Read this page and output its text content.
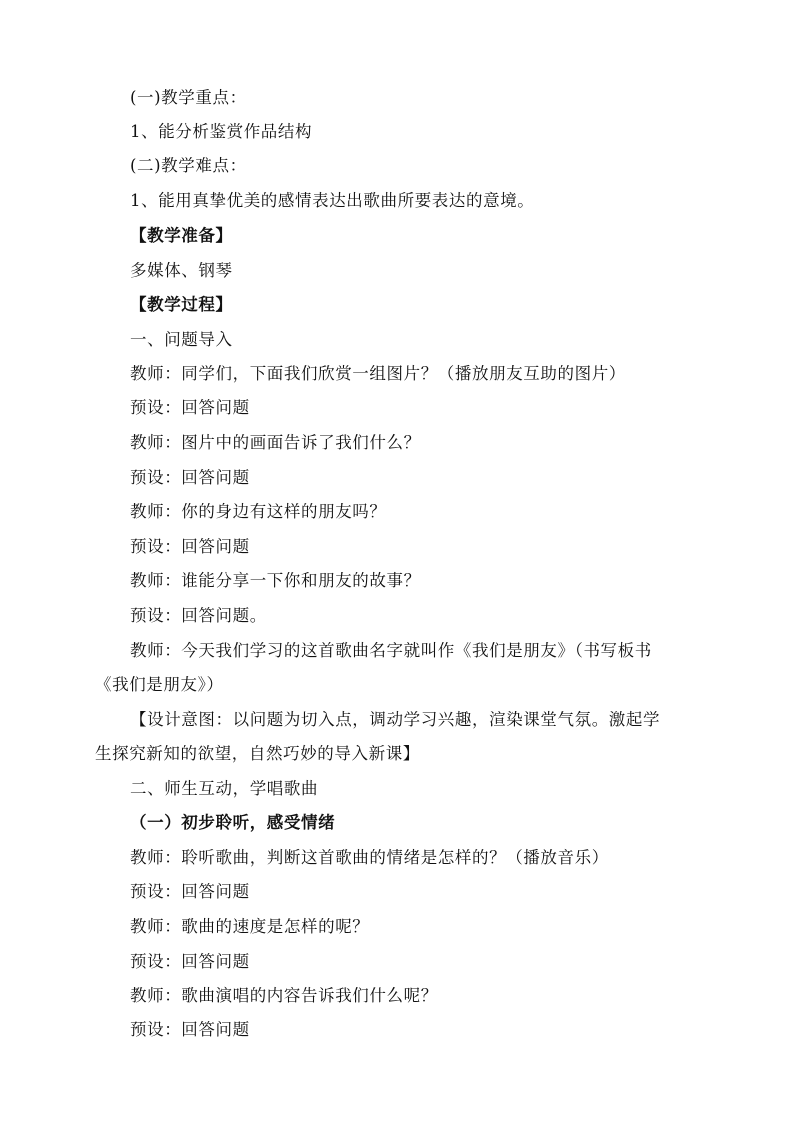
(一)教学重点：
1、能分析鉴赏作品结构
(二)教学难点：
1、能用真挚优美的感情表达出歌曲所要表达的意境。
【教学准备】
多媒体、钢琴
【教学过程】
一、问题导入
教师：同学们，下面我们欣赏一组图片？（播放朋友互助的图片）
预设：回答问题
教师：图片中的画面告诉了我们什么？
预设：回答问题
教师：你的身边有这样的朋友吗？
预设：回答问题
教师：谁能分享一下你和朋友的故事？
预设：回答问题。
教师：今天我们学习的这首歌曲名字就叫作《我们是朋友》（书写板书
《我们是朋友》）
【设计意图：以问题为切入点，调动学习兴趣，渲染课堂气氛。激起学
生探究新知的欲望，自然巧妙的导入新课】
二、师生互动，学唱歌曲
（一）初步聆听，感受情绪
教师：聆听歌曲，判断这首歌曲的情绪是怎样的？（播放音乐）
预设：回答问题
教师：歌曲的速度是怎样的呢？
预设：回答问题
教师：歌曲演唱的内容告诉我们什么呢？
预设：回答问题
